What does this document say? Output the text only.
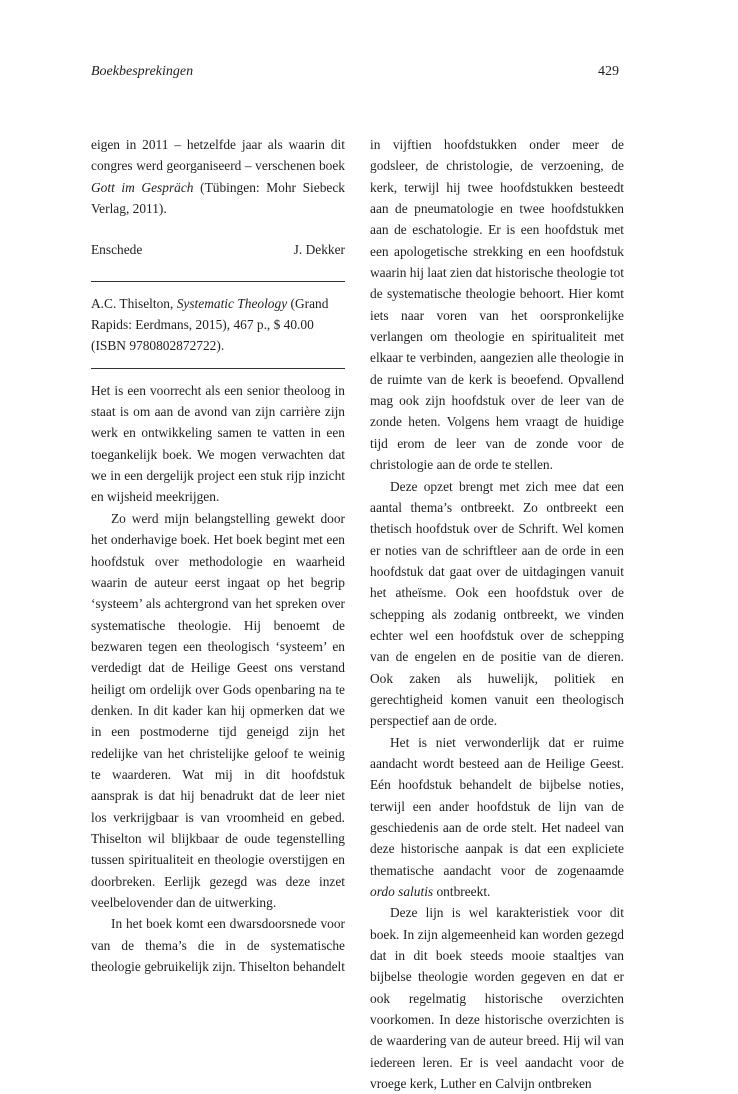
Boekbesprekingen	429

eigen in 2011 – hetzelfde jaar als waarin dit congres werd georganiseerd – verschenen boek Gott im Gespräch (Tübingen: Mohr Siebeck Verlag, 2011).

Enschede	J. Dekker
A.C. Thiselton, Systematic Theology (Grand Rapids: Eerdmans, 2015), 467 p., $ 40.00 (ISBN 9780802872722).

Het is een voorrecht als een senior theoloog in staat is om aan de avond van zijn carrière zijn werk en ontwikkeling samen te vatten in een toegankelijk boek. We mogen verwachten dat we in een dergelijk project een stuk rijp inzicht en wijsheid meekrijgen.

Zo werd mijn belangstelling gewekt door het onderhavige boek. Het boek begint met een hoofdstuk over methodologie en waarheid waarin de auteur eerst ingaat op het begrip ‘systeem’ als achtergrond van het spreken over systematische theologie. Hij benoemt de bezwaren tegen een theologisch ‘systeem’ en verdedigt dat de Heilige Geest ons verstand heiligt om ordelijk over Gods openbaring na te denken. In dit kader kan hij opmerken dat we in een postmoderne tijd geneigd zijn het redelijke van het christelijke geloof te weinig te waarderen. Wat mij in dit hoofdstuk aansprak is dat hij benadrukt dat de leer niet los verkrijgbaar is van vroomheid en gebed. Thiselton wil blijkbaar de oude tegenstelling tussen spiritualiteit en theologie overstijgen en doorbreken. Eerlijk gezegd was deze inzet veelbelovender dan de uitwerking.

In het boek komt een dwarsdoorsnede voor van de thema’s die in de systematische theologie gebruikelijk zijn. Thiselton behandelt

in vijftien hoofdstukken onder meer de godsleer, de christologie, de verzoening, de kerk, terwijl hij twee hoofdstukken besteedt aan de pneumatologie en twee hoofdstukken aan de eschatologie. Er is een hoofdstuk met een apologetische strekking en een hoofdstuk waarin hij laat zien dat historische theologie tot de systematische theologie behoort. Hier komt iets naar voren van het oorspronkelijke verlangen om theologie en spiritualiteit met elkaar te verbinden, aangezien alle theologie in de ruimte van de kerk is beoefend. Opvallend mag ook zijn hoofdstuk over de leer van de zonde heten. Volgens hem vraagt de huidige tijd erom de leer van de zonde voor de christologie aan de orde te stellen.

Deze opzet brengt met zich mee dat een aantal thema’s ontbreekt. Zo ontbreekt een thetisch hoofdstuk over de Schrift. Wel komen er noties van de schriftleer aan de orde in een hoofdstuk dat gaat over de uitdagingen vanuit het atheïsme. Ook een hoofdstuk over de schepping als zodanig ontbreekt, we vinden echter wel een hoofdstuk over de schepping van de engelen en de positie van de dieren. Ook zaken als huwelijk, politiek en gerechtigheid komen vanuit een theologisch perspectief aan de orde.

Het is niet verwonderlijk dat er ruime aandacht wordt besteed aan de Heilige Geest. Eén hoofdstuk behandelt de bijbelse noties, terwijl een ander hoofdstuk de lijn van de geschiedenis aan de orde stelt. Het nadeel van deze historische aanpak is dat een expliciete thematische aandacht voor de zogenaamde ordo salutis ontbreekt.

Deze lijn is wel karakteristiek voor dit boek. In zijn algemeenheid kan worden gezegd dat in dit boek steeds mooie staaltjes van bijbelse theologie worden gegeven en dat er ook regelmatig historische overzichten voorkomen. In deze historische overzichten is de waardering van de auteur breed. Hij wil van iedereen leren. Er is veel aandacht voor de vroege kerk, Luther en Calvijn ontbreken
